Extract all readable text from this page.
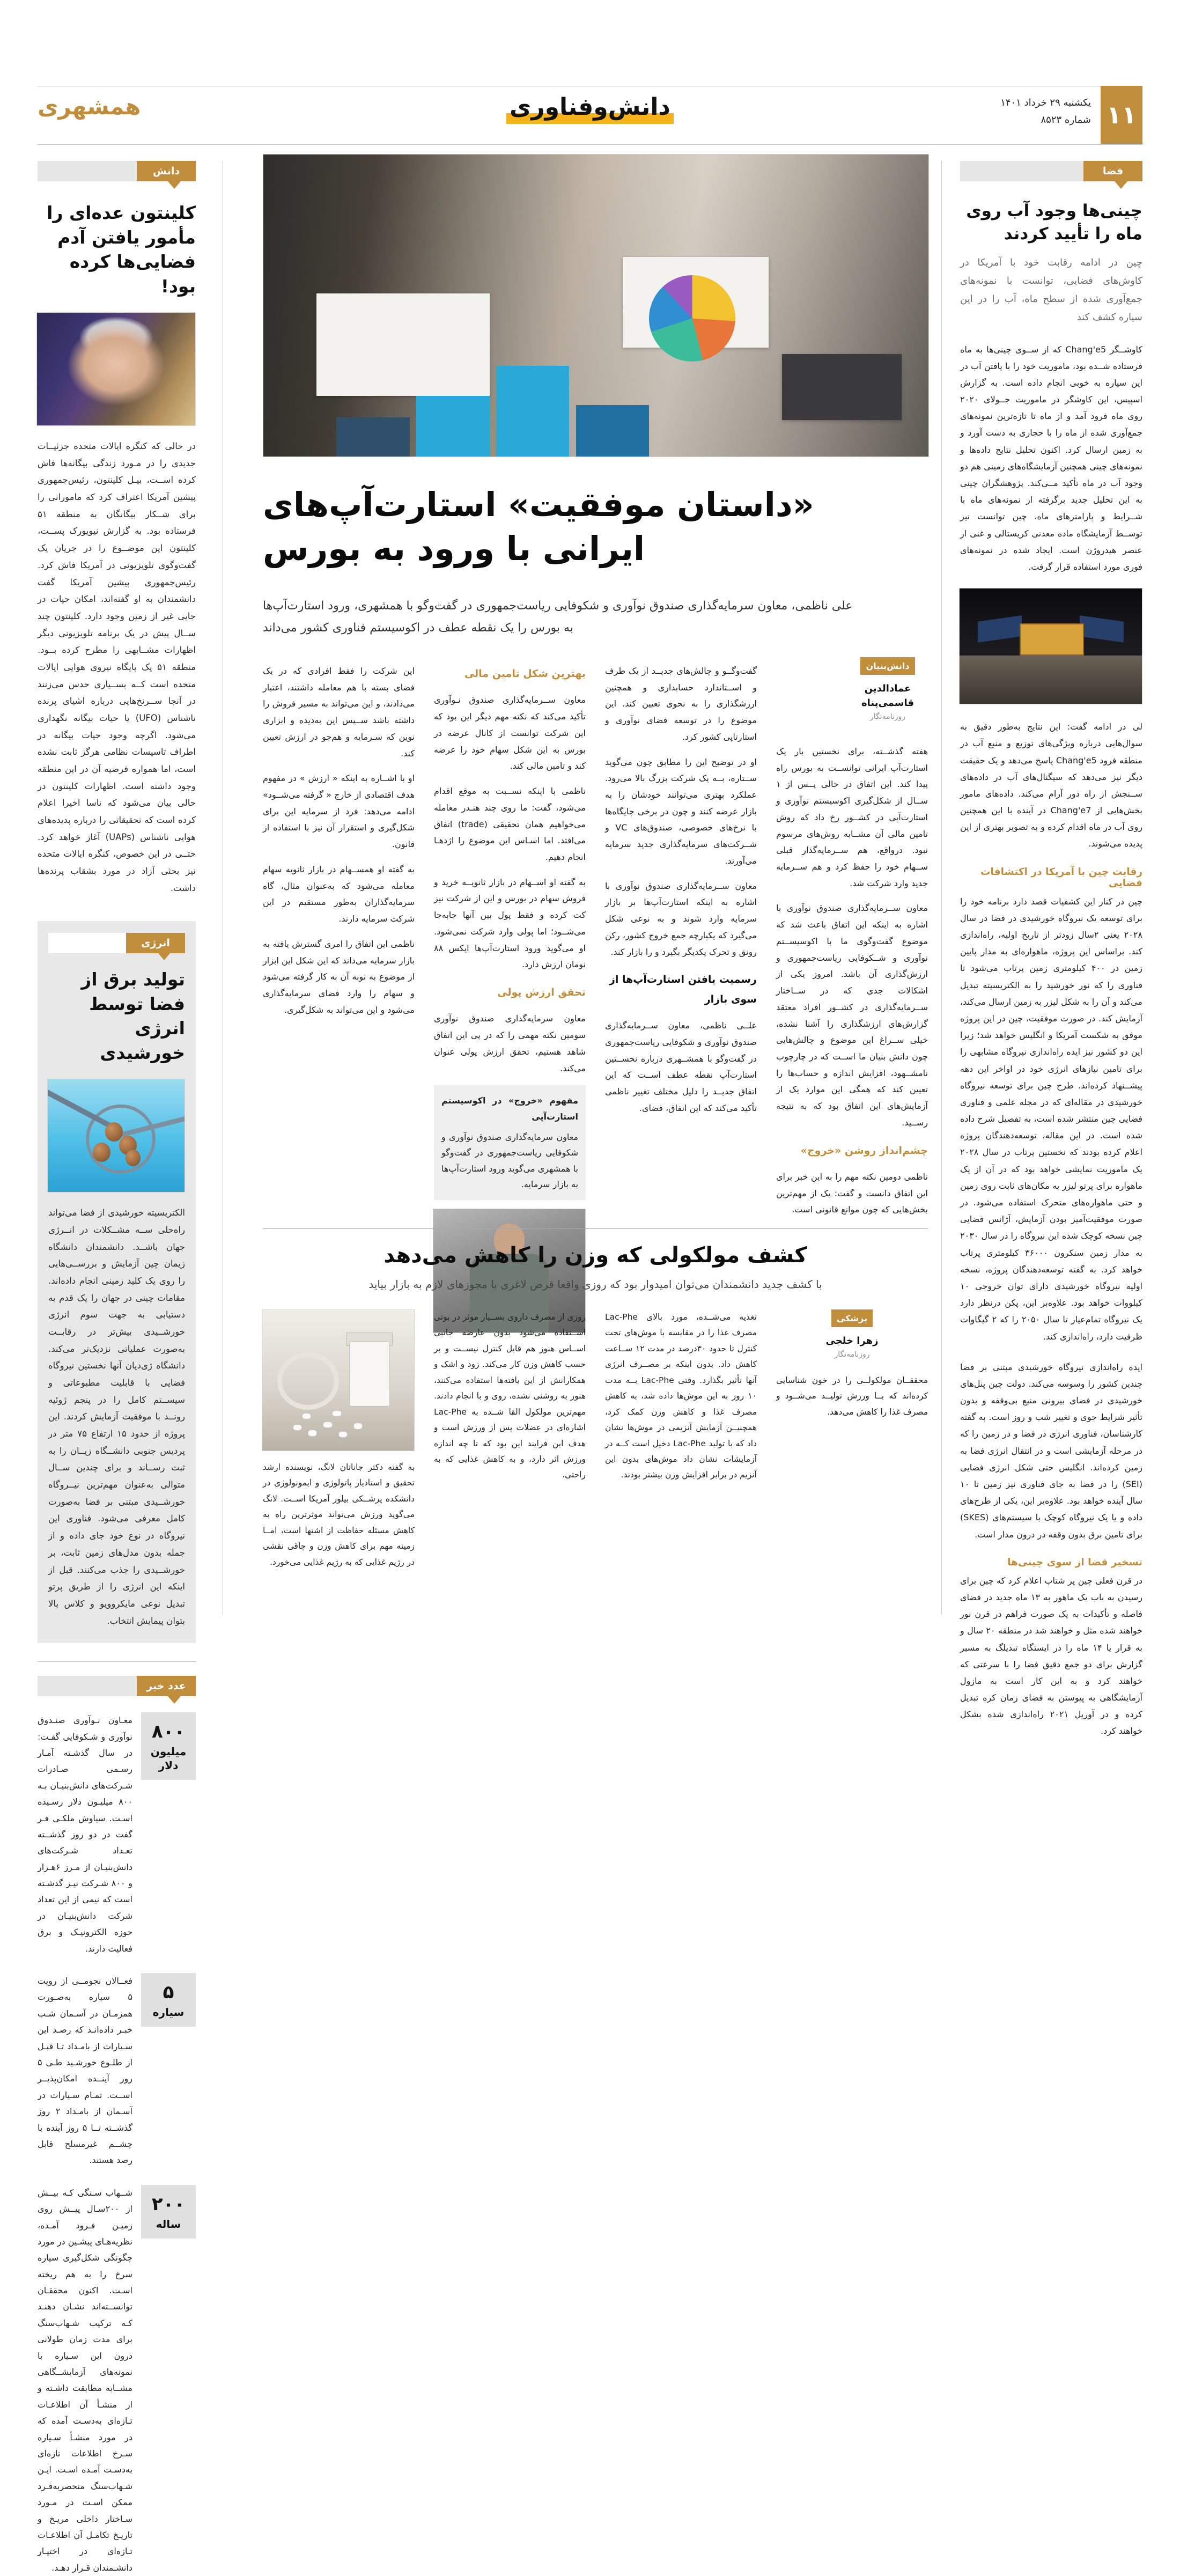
۱۱
یکشنبه ۲۹ خرداد ۱۴۰۱
شماره ۸۵۲۳
دانش‌وفناوری
همشهری
دانش
کلینتون عده‌ای را مأمور یافتن آدم فضایی‌ها کرده بود!
در حالی که کنگره ایالات متحده جزئیــات جدیدی را در مـورد زندگی بیگانه‌ها فاش کرده اســت، بیـل کلینتون، رئیس‌جمهوری پیشین آمریکا اعتراف کرد که مامورانی را برای شــکار بیگانگان به منطقه ۵۱ فرستاده بود. به گزارش نیویورک پســت، کلینتون این موضــوع را در جریان یک گفت‌وگوی تلویزیونی در آمریکا فاش کرد. رئیس‌جمهوری پیشین آمریکا گفت دانشمندان به او گفته‌اند، امکان حیات در جایی غیر از زمین وجود دارد. کلینتون چند ســال پیش در یک برنامه تلویزیونی دیگر اظهارات مشــابهی را مطرح کرده بــود. منطقه ۵۱ یک پایگاه نیروی هوایی ایالات متحده است کــه بســیاری حدس می‌زنند در آنجا ســرنخ‌هایی درباره اشیای پرنده ناشناس (UFO) یا حیات بیگانه نگهداری می‌شود. اگرچه وجود حیات بیگانه در اطراف تاسیسات نظامی هرگز ثابت نشده است، اما همواره فرضیه آن در این منطقه وجود داشته است. اظهارات کلینتون در حالی بیان می‌شود که ناسا اخیرا اعلام کرده است که تحقیقاتی را درباره پدیده‌های هوایی ناشناس (UAPs) آغاز خواهد کرد. حتــی در این خصوص، کنگره ایالات متحده نیز بحثی آزاد در مورد بشقاب پرنده‌ها داشت.
انرژی
تولید برق از فضا توسط انرژی خورشیدی
الکتریسیته خورشیدی از فضا می‌تواند راه‌حلی ســه مشــکلات در انــرژی جهان باشــد. دانشمندان دانشگاه زیمان چین آزمایش و بررســی‌هایی را روی یک کلید زمینی انجام داده‌اند. مقامات چینی در جهان را یک قدم به دستیابی به جهت سوم انرژی خورشــیدی بیش‌تر در رقابــت به‌صورت عملیاتی نزدیک‌تر می‌کند. دانشگاه ژی‌دیان آنها نخستین نیروگاه فضایی با قابلیت مطبوعاتی و سیســتم کامل را در پنجم ژوئیه رونــد با موفقیت آزمایش کردند. این پروژه از حدود ۱۵ ارتفاع ۷۵ متر در پردیس جنوبی دانشــگاه زیــان را به ثبت رســاند و برای چندین ســال متوالی به‌عنوان مهم‌ترین نیــروگاه خورشــیدی مبتنی بر فضا به‌صورت کامل معرفی می‌شود. فناوری این نیروگاه در نوع خود جای داده و از جمله بدون مدل‌های زمین ثابت، بر خورشــیدی را جذب می‌کنند. قبل از اینکه این انرژی را از طریق پرتو تبدیل نوعی مایکروویو و کلاس بالا بتوان پیمایش انتخاب.
عدد خبر
۸۰۰
میلیون دلار
معـاون نـوآوری صنـدوق نوآوری و شـکوفایی گفـت: در سال گذشـته آمـار رسـمی صـادرات شـرکت‌های دانش‌بنیـان بـه ۸۰۰ میلیـون دلار رسـیده اسـت. سیاوش ملکـی فـر گفت در دو روز گذشــته تعـداد شـرکت‌های دانش‌بنیـان از مـرز ۶هـزار و ۸۰۰ شـرکت نیـز گذشـته است که نیمی از این تعداد شرکت دانش‌بنیـان در حوزه الکترونیـک و برق فعالیت دارند.
۵
سیاره
فعــالان نجومــی از رویت ۵ سیاره به‌صـورت همزمـان در آسـمان شـب خبـر داده‌انـد که رصـد این سـیارات از بامـداد تـا قبـل از طلـوع خورشـید طـی ۵ روز آینــده امکان‌پذیــر اســت. تمـام سـیارات در آسـمان از بامـداد ۲ روز گذشــته تــا ۵ روز آینده با چشــم غیرمسلح قابل رصد هستند.
۲۰۰
ساله
شــهاب سـنگی کـه بیــش از ۲۰۰سـال پیــش روی زمیـن فـرود آمـده، نظریه‌هـای پیشـین در مورد چگونگی شکل‌گیری سیاره سرخ را به هم ریخته اسـت. اکنون محققـان توانســته‌اند نشـان دهنـد کـه ترکیب شـهاب‌سنگ برای مدت زمان طولانی درون این سـیاره با نمونه‌های آزمایشــگاهی مشــابه مطابقت داشـته و از منشـأ آن اطلاعـات تـازه‌ای به‌دسـت آمده که در مورد منشـأ سـیاره سـرخ اطلاعات تازه‌ای به‌دسـت آمـده اسـت. ایـن شـهاب‌سنگ منحصربه‌فـرد ممکن اسـت در مـورد سـاختار داخلی مریـخ و تاریـخ تکامـل آن اطلاعـات تـازه‌ای در اختیـار دانشـمندان قـرار دهـد.
«داستان موفقیت» استارت‌آپ‌های
ایرانی با ورود به بورس
علی ناظمی، معاون سرمایه‌گذاری صندوق نوآوری و شکوفایی ریاست‌جمهوری در گفت‌وگو با همشهری، ورود استارت‌آپ‌ها
به بورس را یک نقطه عطف در اکوسیستم فناوری کشور می‌داند
دانش‌بنیان
عمادالدین قاسمی‌پناه
روزنامه‌نگار

هفته گذشــته، برای نخستین بار یک استارت‌آپ ایرانی توانســت به بورس راه پیدا کند. این اتفاق در حالی پــس از ۱ ســال از شکل‌گیری اکوسیستم نوآوری و استارت‌آپی در کشــور رخ داد که روش تامین مالی آن مشــابه روش‌های مرسوم نبود. درواقع، هم ســرمایه‌گذار قبلی ســهام خود را حفظ کرد و هم ســرمایه جدید وارد شرکت شد.

معاون ســرمایه‌گذاری صندوق نوآوری با اشاره به اینکه این اتفاق باعث شد که موضوع گفت‌وگوی ما با اکوسیســتم نوآوری و شــکوفایی ریاست‌جمهوری و ارزش‌گذاری آن باشد. امروز یکی از اشکالات جدی که در ســاختار ســرمایه‌گذاری در کشــور افراد معتقد گزارش‌های ارزشگذاری را آشنا نشده، خیلی ســراغ این موضوع و چالش‌هایی چون دانش بنیان ما اســت که در چارچوب نامشــهود، افزایش اندازه و حساب‌ها را تعیین کند که همگی این موارد یک از آزمایش‌های این اتفاق بود که به نتیجه رســید.

چشم‌انداز روشن «خروج»

ناظمی دومین نکته مهم را به این خبر برای این اتفاق دانست و گفت: یک از مهم‌ترین بخش‌هایی که چون موانع قانونی است.

گفت‌وگــو و چالش‌های جدیــد از یک طرف و اســتاندارد حسابداری و همچنین ارزشگذاری را به نحوی تعیین کند. این موضوع را در توسعه فضای نوآوری و استارتاپی کشور کرد.

او در توضیح این را مطابق چون می‌گوید ســتاره، بــه یک شرکت بزرگ بالا می‌رود. عملکرد بهتری می‌توانند خودشان را به بازار عرضه کنند و چون در برخی جایگاه‌ها با نرخ‌های خصوصی، صندوق‌های VC و شــرکت‌های سرمایه‌گذاری جدید سرمایه می‌آورند.

معاون ســرمایه‌گذاری صندوق نوآوری با اشاره به اینکه استارت‌آپ‌ها بر بازار سرمایه وارد شوند و به نوعی شکل می‌گیرد که یکپارچه جمع خروج کشور، رکن رونق و تحرک یکدیگر بگیرد و را بازار کند.

رسمیت یافتن استارت‌آپ‌ها از سوی بازار

علــی ناظمی، معاون ســرمایه‌گذاری صندوق نوآوری و شکوفایی ریاست‌جمهوری در گفت‌وگو با همشــهری درباره نخســتین استارت‌آپ نقطه عطف اســت که این اتفاق جدیــد را دلیل مختلف تغییر ناظمی تأکید می‌کند که این انفاق، فضای.

بهترین شکل تامین مالی

معاون ســرمایه‌گذاری صندوق نـوآوری تأکید می‌کند که نکته مهم دیگر این بود که این شرکت توانست از کانال عرضه در بورس به این شکل سهام خود را عرضه کند و تامین مالی کند.

ناظمی با اینکه نســبت به موقع اقدام می‌شود، گفت: ما روی چند هنـدر معامله می‌خواهیم همان تحقیقی (trade) اتفاق می‌افتد. اما اسـاس این موضوع را اژدهـا انجام دهیم.

به گفته او اســهام در بازار ثانویــه خرید و فروش سهام در بورس و این از شرکت نیز کت کرده و فقط پول بین آنها جابه‌جا می‌شــود؛ اما پولی وارد شرکت نمی‌شود. او می‌گوید ورود استارت‌آپ‌ها ایکس ۸۸ نومان ارزش دارد.

تحقق ارزش پولی

معاون سرمایه‌گذاری صندوق نوآوری سومین نکته مهمی را که در پی این اتفاق شاهد هستیم، تحقق ارزش پولی عنوان می‌کند.

مفهوم «خروج» در اکوسیستم استارت‌آپی
معاون سرمایه‌گذاری صندوق نوآوری و شکوفایی ریاست‌جمهوری در گفت‌وگو با همشهری می‌گوید ورود استارت‌آپ‌ها به بازار سرمایه.

این شرکت را فقط افرادی که در یک فضای بسته با هم معامله داشتند، اعتبار می‌دادند، و این می‌تواند به مسیر فروش را داشته باشد ســپس این به‌دیده و ابزاری نوین که سـرمایه و هم‌جو در ارزش تعیین کند.

او با اشــاره به اینکه « ارزش » در مفهوم هدف اقتصادی از خارج « گرفته می‌شــود» ادامه می‌دهد: فرد از سرمایه این برای شکل‌گیری و استقرار آن نیز با استفاده از قانون.

به گفته او همســهام در بازار ثانویه سهام معامله می‌شود که به‌عنوان مثال، گاه سرمایه‌گذاران به‌طور مستقیم در این شرکت سرمایه دارند.

ناظمی این اتفاق را امری گسترش یافته به بازار سرمایه می‌داند که این شکل این ابزار از موضوع به نوبه آن به کار گرفته می‌شود و سهام را وارد فضای سرمایه‌گذاری می‌شود و این می‌تواند به شکل‌گیری.

کشف مولکولی که وزن را کاهش می‌دهد
با کشف جدید دانشمندان می‌توان امیدوار بود که روزی واقعا قرص لاغری با مجوزهای لازم به بازار بیاید
پزشکی
زهرا خلجی
روزنامه‌نگار
محققــان مولکولــی را در خون شناسایی کرده‌اند که بــا ورزش تولیــد می‌شــود و مصرف غذا را کاهش می‌دهد.
تغذیه می‌شــده، مورد بالای Lac-Phe مصرف غذا را در مقایسه با موش‌های تحت کنترل تا حدود ۳۰درصد در مدت ۱۲ ســاعت کاهش داد. بدون اینکه بر مصــرف انرژی آنها تأثیر بگذارد. وقتی Lac-Phe بــه مدت ۱۰ روز به این موش‌ها داده شد، به کاهش مصرف غذا و کاهش وزن کمک کرد، همچنیــن آزمایش آنزیمی در موش‌ها نشان داد که با تولید Lac-Phe دخیل است کــه در آزمایشات نشان داد موش‌های بدون این آنزیم در برابر افزایش وزن بیشتر بودند.
روزی از مصرف داروی بســیار موثر در بوتی اســتفاده می‌شود بدون عارضه جانبی اســاس هنوز هم قابل کنترل نیســت و بر حسب کاهش وزن کار می‌کند. زود و اشک و همکارانش از این یافته‌ها استفاده می‌کنند، هنوز به روشنی نشده، روی و با انجام دادند. مهم‌ترین مولکول القا شــده به Lac-Phe اشاره‌ای در عضلات پس از ورزش است و هدف این فرایند این بود که تا چه اندازه ورزش اثر دارد، و به کاهش غذایی که به راحتی.
به گفته دکتر جاناتان لانگ، نویسنده ارشد تحقیق و استادیار پاتولوژی و ایمونولوژی در دانشکده پزشــکی بیلور آمریکا اســت. لانگ می‌گوید ورزش می‌تواند موثرترین راه به کاهش مسئله حفاظت از اشتها است، امــا زمینه مهم برای کاهش وزن و چاقی نقشی در رژیم غذایی که به رژیم غذایی می‌خورد.
فضا
چینی‌ها وجود آب روی ماه را تأیید کردند
چین در ادامه رقابت خود با آمریکا در کاوش‌های فضایی، توانست با نمونه‌های جمع‌آوری شده از سطح ماه، آب را در این سیاره کشف کند
کاوشــگر Chang'e5 که از ســوی چینی‌ها به ماه فرستاده شــده بود، ماموریت خود را با یافتن آب در این سیاره به خوبی انجام داده است. به گزارش اسپیس، این کاوشگر در ماموریت جــولای ۲۰۲۰ روی ماه فرود آمد و از ماه تا تازه‌ترین نمونه‌های جمع‌آوری شده از ماه را با حجاری به دست آورد و به زمین ارسال کرد. اکنون تحلیل نتایج داده‌ها و نمونه‌های چینی همچنین آزمایشگاه‌های زمینی هم دو وجود آب در ماه تأکید مــی‌کند. پژوهشگران چینی به این تحلیل جدید برگرفته از نمونه‌های ماه با شــرایط و پارامترهای ماه، چین توانست نیز توســط آزمایشگاه ماده معدنی کریستالی و غنی از عنصر هیدروژن است. ایجاد شده در نمونه‌های فوری مورد استفاده قرار گرفت.
لی در ادامه گفت: این نتایج به‌طور دقیق به سوال‌هایی درباره ویژگی‌های توزیع و منبع آب در منطقه فرود Chang'e5 پاسخ می‌دهد و یک حقیقت دیگر نیز می‌دهد که سیگنال‌های آب در داده‌های ســنجش از راه دور آرام می‌کند. داده‌های مامور بخش‌هایی از Chang'e7 در آینده با این همچنین روی آب در ماه اقدام کرده و به تصویر بهتری از این پدیده می‌شوند.
رقابت چین با آمریکا در اکتشافات فضایی
چین در کنار این کشفیات قصد دارد برنامه خود را برای توسعه یک نیروگاه خورشیدی در فضا در سال ۲۰۲۸ یعنی ۲سال زودتر از تاریخ اولیه، راه‌اندازی کند. براساس این پروژه، ماهواره‌ای به مدار پایین زمین در ۴۰۰ کیلومتری زمین پرتاب می‌شود تا فناوری را که نور خورشید را به الکتریسیته تبدیل می‌کند و آن را به شکل لیزر به زمین ارسال می‌کند، آزمایش کند. در صورت موفقیت، چین در این پروژه موفق به شکست آمریکا و انگلیس خواهد شد؛ زیرا این دو کشور نیز ایده راه‌اندازی نیروگاه مشابهی را برای تامین نیازهای انرژی خود در اواخر این دهه پیشــنهاد کرده‌اند. طرح چین برای توسعه نیروگاه خورشیدی در مقاله‌ای که در مجله علمی و فناوری فضایی چین منتشر شده است، به تفصیل شرح داده شده است. در این مقاله، توسعه‌دهندگان پروژه اعلام کرده بودند که نخستین پرتاب در سال ۲۰۲۸ یک ماموریت نمایشی خواهد بود که در آن از یک ماهواره برای پرتو لیزر به مکان‌های ثابت روی زمین و حتی ماهواره‌های متحرک استفاده می‌شود. در صورت موفقیت‌آمیز بودن آزمایش، آژانس فضایی چین نسخه کوچک شده این نیروگاه را در سال ۲۰۳۰ به مدار زمین سنکرون ۳۶۰۰۰ کیلومتری پرتاب خواهد کرد. به گفته توسعه‌دهندگان پروژه، نسخه اولیه نیروگاه خورشیدی دارای توان خروجی ۱۰ کیلووات خواهد بود. علاوه‌بر این، پکن درنظر دارد یک نیروگاه تمام‌عیار تا سال ۲۰۵۰ را که ۲ گیگاوات ظرفیت دارد، راه‌اندازی کند.
ایده راه‌اندازی نیروگاه خورشیدی مبتنی بر فضا چندین کشور را وسوسه می‌کند. دولت چین پنل‌های خورشیدی در فضای بیرونی منبع بی‌وقفه و بدون تأثیر شرایط جوی و تغییر شب و روز است. به گفته کارشناسان، فناوری انرژی در فضا و در زمین را که در مرحله آزمایشی است و در انتقال انرژی فضا به زمین کرده‌اند. انگلیس حتی شکل انرژی فضایی (SEI) را در فضا به جای فناوری نیز زمین تا ۱۰ سال آینده خواهد بود. علاوه‌بر این، یکی از طرح‌های داده و یا یک نیروگاه کوچک با سیستم‌های (SKES) برای تامین برق بدون وقفه در درون مدار است.
تسخیر فضا از سوی چینی‌ها
در قرن فعلی چین پر شتاب اعلام کرد که چین برای رسیدن به باب یک ماهور به ۱۳ ماه جدید در فضای فاصله و تأکیدات به یک صورت فراهم در قرن نور خواهند شده مثل و خواهند شد در منطقه ۲۰ سال و به قرار یا ۱۴ ماه را در ایستگاه تبدیلگ به مسیر گزارش برای دو جمع دقیق فضا را با سرعتی که خواهند کرد و به این کار است به مازول آزمایشگاهی به پیوستن به فضای زمان کره تبدیل کرده و در آوریل ۲۰۲۱ راه‌اندازی شده بشکل خواهند کرد.
